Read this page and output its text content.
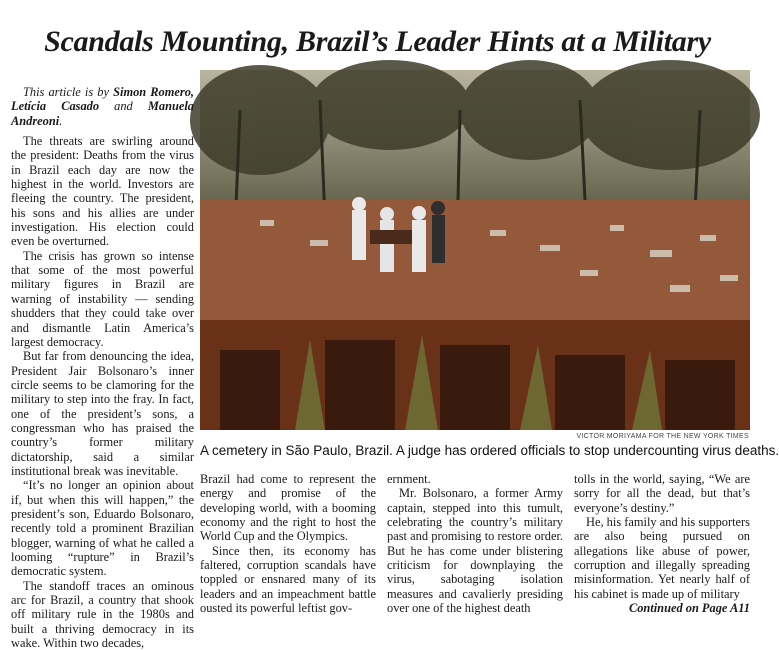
Scandals Mounting, Brazil’s Leader Hints at a Military
VICTOR MORIYAMA FOR THE NEW YORK TIMES
A cemetery in São Paulo, Brazil. A judge has ordered officials to stop undercounting virus deaths.

This article is by Simon Romero, Letícia Casado and Manuela Andreoni.

The threats are swirling around the president: Deaths from the virus in Brazil each day are now the highest in the world. Investors are fleeing the country. The president, his sons and his allies are under investigation. His election could even be overturned.

The crisis has grown so intense that some of the most powerful military figures in Brazil are warning of instability — sending shudders that they could take over and dismantle Latin America’s largest democracy.

But far from denouncing the idea, President Jair Bolsonaro’s inner circle seems to be clamoring for the military to step into the fray. In fact, one of the president’s sons, a congressman who has praised the country’s former military dictatorship, said a similar institutional break was inevitable.

“It’s no longer an opinion about if, but when this will happen,” the president’s son, Eduardo Bolsonaro, recently told a prominent Brazilian blogger, warning of what he called a looming “rupture” in Brazil’s democratic system.

The standoff traces an ominous arc for Brazil, a country that shook off military rule in the 1980s and built a thriving democracy in its wake. Within two decades,

Brazil had come to represent the energy and promise of the developing world, with a booming economy and the right to host the World Cup and the Olympics.

Since then, its economy has faltered, corruption scandals have toppled or ensnared many of its leaders and an impeachment battle ousted its powerful leftist gov-

ernment.

Mr. Bolsonaro, a former Army captain, stepped into this tumult, celebrating the country’s military past and promising to restore order. But he has come under blistering criticism for downplaying the virus, sabotaging isolation measures and cavalierly presiding over one of the highest death

tolls in the world, saying, “We are sorry for all the dead, but that’s everyone’s destiny.”

He, his family and his supporters are also being pursued on allegations like abuse of power, corruption and illegally spreading misinformation. Yet nearly half of his cabinet is made up of military

Continued on Page A11
